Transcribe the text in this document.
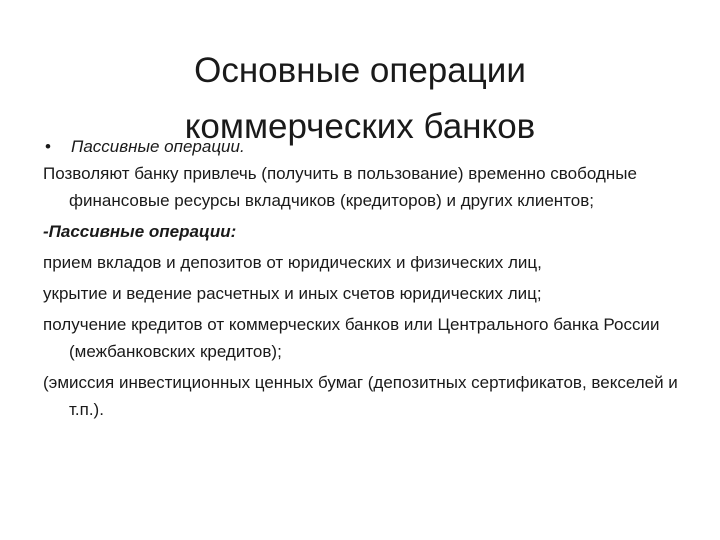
Основные операции
коммерческих банков
•	Пассивные операции.

Позволяют банку привлечь (получить в пользование) временно свободные финансовые ресурсы вкладчиков (кредиторов) и других клиентов;

-Пассивные операции:

прием вкладов и депозитов от юридических и физических лиц,

укрытие и ведение расчетных и иных счетов юридических лиц;

получение кредитов от коммерческих банков или Центрального банка России (межбанковских кредитов);

(эмиссия инвестиционных ценных бумаг (депозитных сертификатов, векселей и т.п.).
